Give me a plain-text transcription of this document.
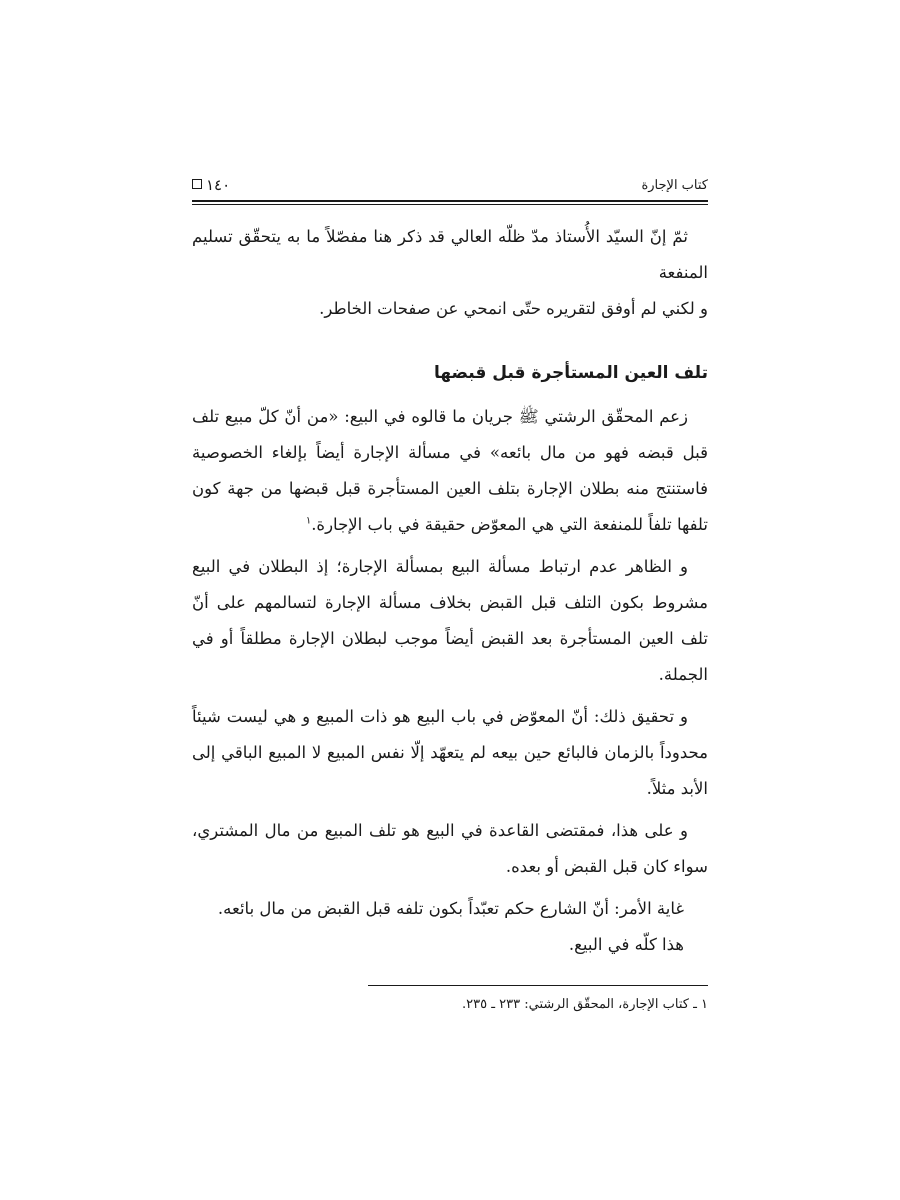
كتاب الإجارة
١٤٠

ثمّ إنّ السيّد الأُستاذ مدّ ظلّه العالي قد ذكر هنا مفصّلاً ما به يتحقّق تسليم المنفعة

و لكني لم أوفق لتقريره حتّى انمحي عن صفحات الخاطر.

تلف العين المستأجرة قبل قبضها

زعم المحقّق الرشتي ﷺ جريان ما قالوه في البيع: «من أنّ كلّ مبيع تلف قبل قبضه فهو من مال بائعه» في مسألة الإجارة أيضاً بإلغاء الخصوصية فاستنتج منه بطلان الإجارة بتلف العين المستأجرة قبل قبضها من جهة كون تلفها تلفاً للمنفعة التي هي المعوّض حقيقة في باب الإجارة.$^١$

و الظاهر عدم ارتباط مسألة البيع بمسألة الإجارة؛ إذ البطلان في البيع مشروط بكون التلف قبل القبض بخلاف مسألة الإجارة لتسالمهم على أنّ تلف العين المستأجرة بعد القبض أيضاً موجب لبطلان الإجارة مطلقاً أو في الجملة.

و تحقيق ذلك: أنّ المعوّض في باب البيع هو ذات المبيع و هي ليست شيئاً محدوداً بالزمان فالبائع حين بيعه لم يتعهّد إلّا نفس المبيع لا المبيع الباقي إلى الأبد مثلاً.

و على هذا، فمقتضى القاعدة في البيع هو تلف المبيع من مال المشتري، سواء كان قبل القبض أو بعده.

غاية الأمر: أنّ الشارع حكم تعبّداً بكون تلفه قبل القبض من مال بائعه.

هذا كلّه في البيع.

١ ـ كتاب الإجارة، المحقّق الرشتي: ٢٣٣ ـ ٢٣٥.
